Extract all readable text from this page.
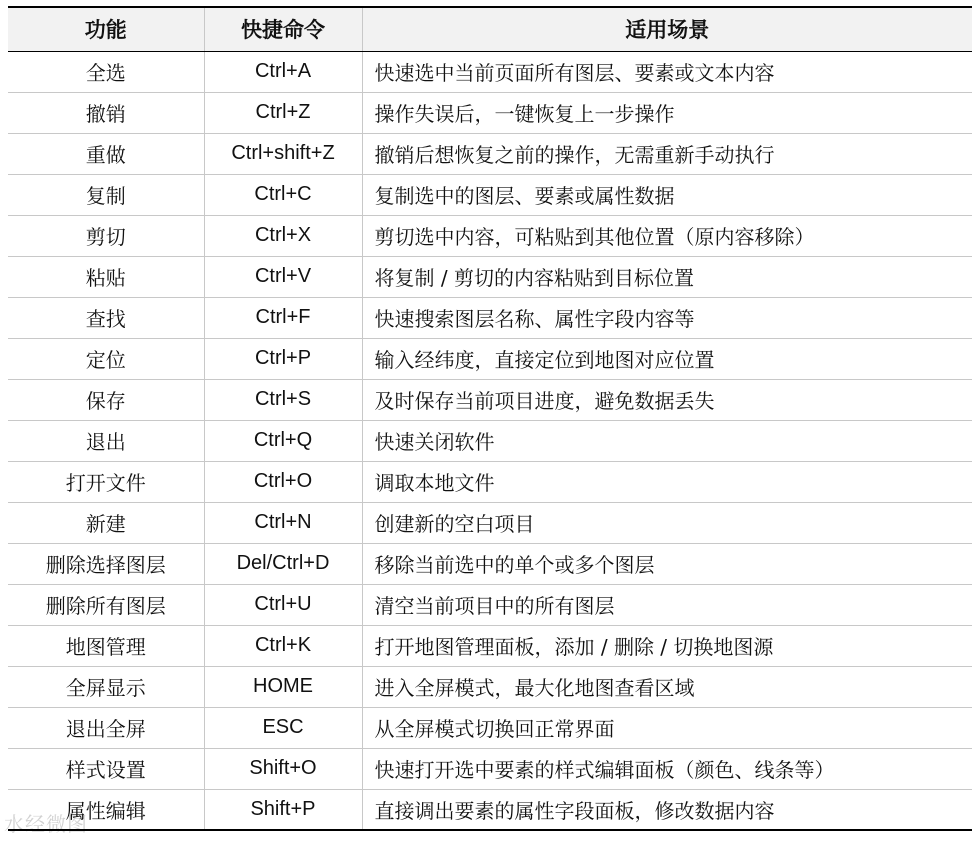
功能	快捷命令	适用场景
全选	Ctrl+A	快速选中当前页面所有图层、要素或文本内容
撤销	Ctrl+Z	操作失误后，一键恢复上一步操作
重做	Ctrl+shift+Z	撤销后想恢复之前的操作，无需重新手动执行
复制	Ctrl+C	复制选中的图层、要素或属性数据
剪切	Ctrl+X	剪切选中内容，可粘贴到其他位置（原内容移除）
粘贴	Ctrl+V	将复制 / 剪切的内容粘贴到目标位置
查找	Ctrl+F	快速搜索图层名称、属性字段内容等
定位	Ctrl+P	输入经纬度，直接定位到地图对应位置
保存	Ctrl+S	及时保存当前项目进度，避免数据丢失
退出	Ctrl+Q	快速关闭软件
打开文件	Ctrl+O	调取本地文件
新建	Ctrl+N	创建新的空白项目
删除选择图层	Del/Ctrl+D	移除当前选中的单个或多个图层
删除所有图层	Ctrl+U	清空当前项目中的所有图层
地图管理	Ctrl+K	打开地图管理面板，添加 / 删除 / 切换地图源
全屏显示	HOME	进入全屏模式，最大化地图查看区域
退出全屏	ESC	从全屏模式切换回正常界面
样式设置	Shift+O	快速打开选中要素的样式编辑面板（颜色、线条等）
属性编辑	Shift+P	直接调出要素的属性字段面板，修改数据内容
水经微图
